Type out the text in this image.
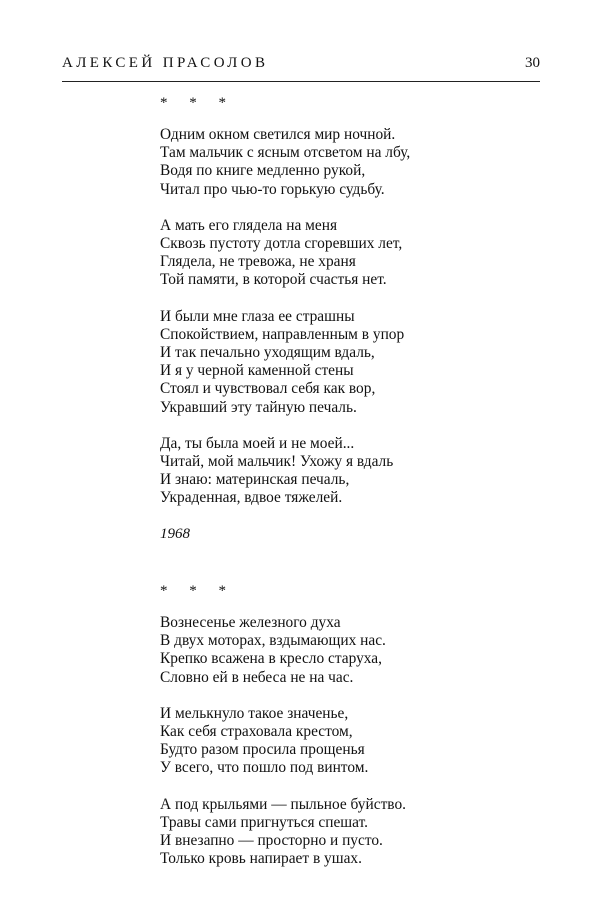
АЛЕКСЕЙ ПРАСОЛОВ	30
* * *
Одним окном светился мир ночной.
Там мальчик с ясным отсветом на лбу,
Водя по книге медленно рукой,
Читал про чью-то горькую судьбу.
А мать его глядела на меня
Сквозь пустоту дотла сгоревших лет,
Глядела, не тревожа, не храня
Той памяти, в которой счастья нет.
И были мне глаза ее страшны
Спокойствием, направленным в упор
И так печально уходящим вдаль,
И я у черной каменной стены
Стоял и чувствовал себя как вор,
Укравший эту тайную печаль.
Да, ты была моей и не моей...
Читай, мой мальчик! Ухожу я вдаль
И знаю: материнская печаль,
Украденная, вдвое тяжелей.
1968
* * *
Вознесенье железного духа
В двух моторах, вздымающих нас.
Крепко всажена в кресло старуха,
Словно ей в небеса не на час.
И мелькнуло такое значенье,
Как себя страховала крестом,
Будто разом просила прощенья
У всего, что пошло под винтом.
А под крыльями — пыльное буйство.
Травы сами пригнуться спешат.
И внезапно — просторно и пусто.
Только кровь напирает в ушах.
